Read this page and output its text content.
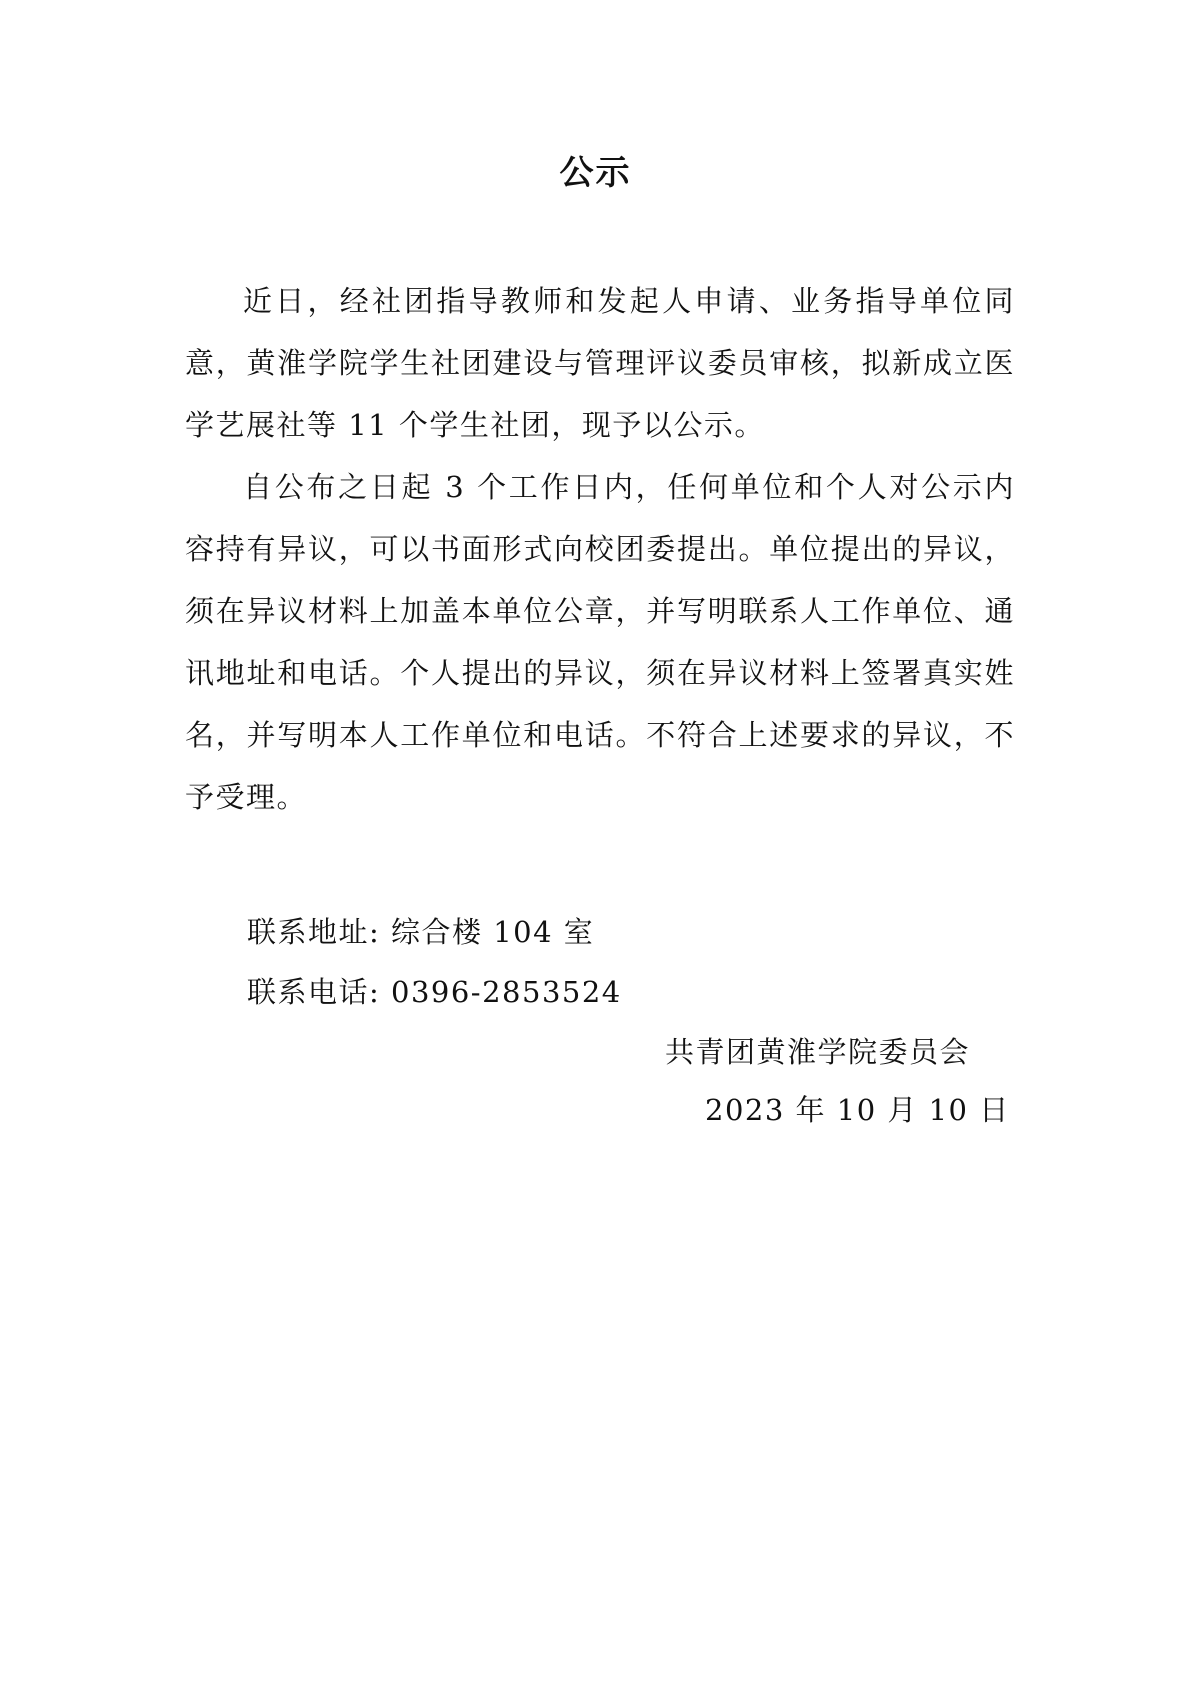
公示

近日，经社团指导教师和发起人申请、业务指导单位同意，黄淮学院学生社团建设与管理评议委员审核，拟新成立医学艺展社等 11 个学生社团，现予以公示。

自公布之日起 3 个工作日内，任何单位和个人对公示内容持有异议，可以书面形式向校团委提出。单位提出的异议，须在异议材料上加盖本单位公章，并写明联系人工作单位、通讯地址和电话。个人提出的异议，须在异议材料上签署真实姓名，并写明本人工作单位和电话。不符合上述要求的异议，不予受理。

联系地址: 综合楼 104 室
联系电话: 0396-2853524
共青团黄淮学院委员会
2023 年 10 月 10 日
